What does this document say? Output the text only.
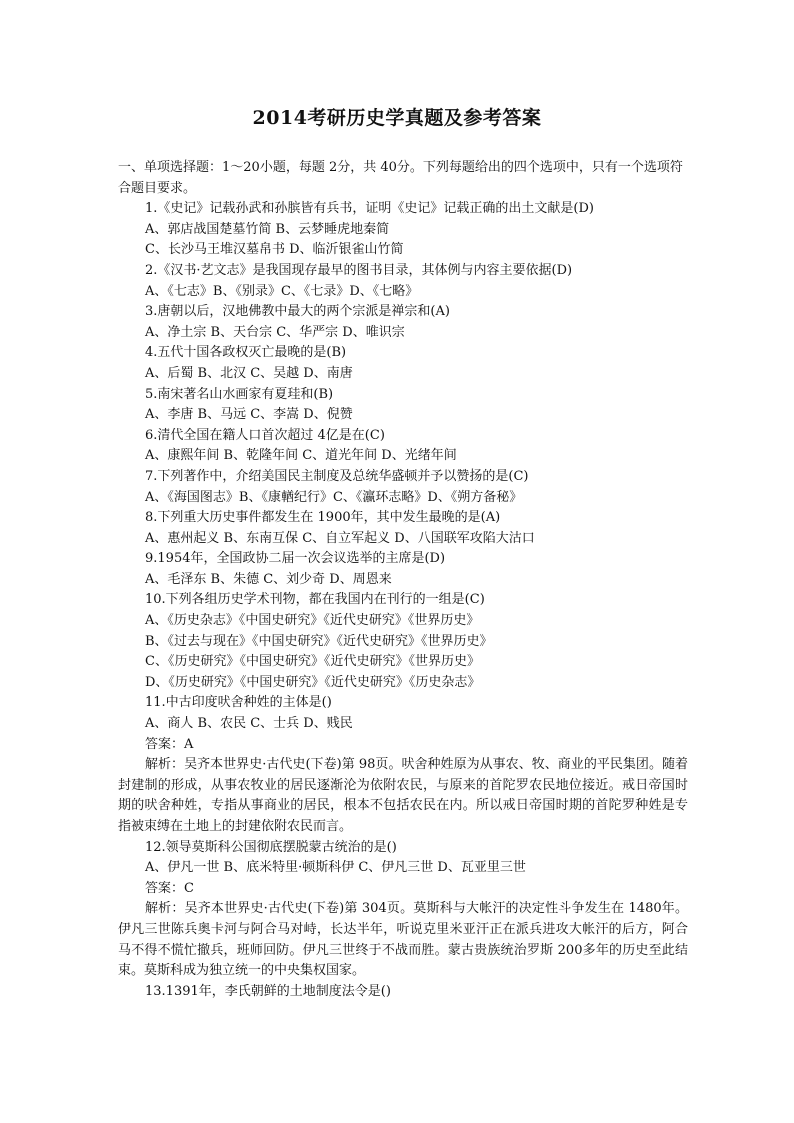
2014考研历史学真题及参考答案

一、单项选择题：1～20小题，每题 2分，共 40分。下列每题给出的四个选项中，只有一个选项符合题目要求。

1.《史记》记载孙武和孙膑皆有兵书，证明《史记》记载正确的出土文献是(D)
A、郭店战国楚墓竹简 B、云梦睡虎地秦简
C、长沙马王堆汉墓帛书 D、临沂银雀山竹简
2.《汉书·艺文志》是我国现存最早的图书目录，其体例与内容主要依据(D)
A、《七志》B、《别录》C、《七录》D、《七略》
3.唐朝以后，汉地佛教中最大的两个宗派是禅宗和(A)
A、净土宗 B、天台宗 C、华严宗 D、唯识宗
4.五代十国各政权灭亡最晚的是(B)
A、后蜀 B、北汉 C、吴越 D、南唐
5.南宋著名山水画家有夏珪和(B)
A、李唐 B、马远 C、李嵩 D、倪赞
6.清代全国在籍人口首次超过 4亿是在(C)
A、康熙年间 B、乾隆年间 C、道光年间 D、光绪年间
7.下列著作中，介绍美国民主制度及总统华盛顿并予以赞扬的是(C)
A、《海国图志》B、《康輶纪行》C、《瀛环志略》D、《朔方备秘》
8.下列重大历史事件都发生在 1900年，其中发生最晚的是(A)
A、惠州起义 B、东南互保 C、自立军起义 D、八国联军攻陷大沽口
9.1954年，全国政协二届一次会议选举的主席是(D)
A、毛泽东 B、朱德 C、刘少奇 D、周恩来
10.下列各组历史学术刊物，都在我国内在刊行的一组是(C)
A、《历史杂志》《中国史研究》《近代史研究》《世界历史》
B、《过去与现在》《中国史研究》《近代史研究》《世界历史》
C、《历史研究》《中国史研究》《近代史研究》《世界历史》
D、《历史研究》《中国史研究》《近代史研究》《历史杂志》
11.中古印度吠舍种姓的主体是()
A、商人 B、农民 C、士兵 D、贱民
答案：A

解析：吴齐本世界史·古代史(下卷)第 98页。吠舍种姓原为从事农、牧、商业的平民集团。随着封建制的形成，从事农牧业的居民逐渐沦为依附农民，与原来的首陀罗农民地位接近。戒日帝国时期的吠舍种姓，专指从事商业的居民，根本不包括农民在内。所以戒日帝国时期的首陀罗种姓是专指被束缚在土地上的封建依附农民而言。

12.领导莫斯科公国彻底摆脱蒙古统治的是()
A、伊凡一世 B、底米特里·顿斯科伊 C、伊凡三世 D、瓦亚里三世
答案：C

解析：吴齐本世界史·古代史(下卷)第 304页。莫斯科与大帐汗的决定性斗争发生在 1480年。伊凡三世陈兵奥卡河与阿合马对峙，长达半年，听说克里米亚汗正在派兵进攻大帐汗的后方，阿合马不得不慌忙撤兵，班师回防。伊凡三世终于不战而胜。蒙古贵族统治罗斯 200多年的历史至此结束。莫斯科成为独立统一的中央集权国家。

13.1391年，李氏朝鲜的土地制度法令是()
